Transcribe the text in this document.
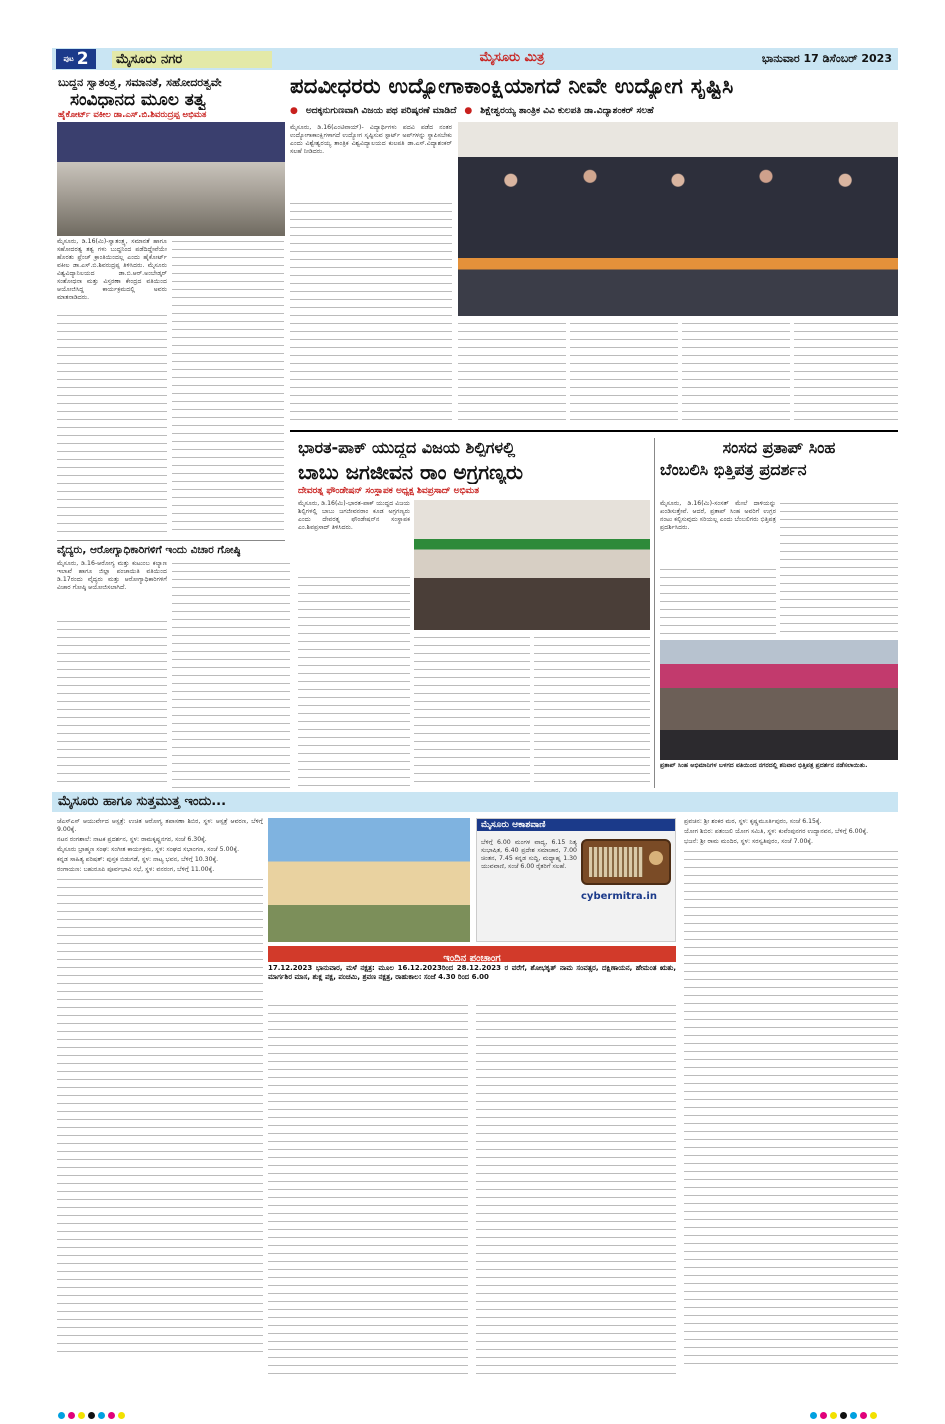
ಪುಟ 2	ಮೈಸೂರು ನಗರ	ಮೈಸೂರು ಮಿತ್ರ	ಭಾನುವಾರ 17 ಡಿಸೆಂಬರ್ 2023
ಬುದ್ಧನ ಸ್ವಾತಂತ್ರ್ಯ, ಸಮಾನತೆ, ಸಹೋದರತ್ವವೇ
ಸಂವಿಧಾನದ ಮೂಲ ತತ್ವ
ಹೈಕೋರ್ಟ್ ವಕೀಲ ಡಾ.ಎಸ್.ಬಿ.ಶಿವರುದ್ರಪ್ಪ ಅಭಿಮತ
ಮೈಸೂರು, ಡಿ.16(ಮಿ)-ಸ್ವಾತಂತ್ರ್ಯ, ಸಮಾನತೆ ಹಾಗೂ ಸಹೋದರತ್ವ ತತ್ವ ಗಳು ಬುದ್ಧನಿಂದ ಪಡೆದಿದ್ದೇವೆಯೇ ಹೊರತು ಫ್ರೆಂಚ್ ಕ್ರಾಂತಿಯಿಂದಲ್ಲ ಎಂದು ಹೈಕೋರ್ಟ್ ವಕೀಲ ಡಾ.ಎಸ್.ಬಿ.ಶಿವರುದ್ರಪ್ಪ ತಿಳಿಸಿದರು. ಮೈಸೂರು ವಿಶ್ವವಿದ್ಯಾನಿಲಯದ ಡಾ.ಬಿ.ಆರ್.ಅಂಬೇಡ್ಕರ್ ಸಂಶೋಧನಾ ಮತ್ತು ವಿಸ್ತರಣಾ ಕೇಂದ್ರದ ವತಿಯಿಂದ ಆಯೋಜಿಸಿದ್ದ ಕಾರ್ಯಕ್ರಮದಲ್ಲಿ ಅವರು ಮಾತನಾಡಿದರು.
ಪದವೀಧರರು ಉದ್ಯೋಗಾಕಾಂಕ್ಷಿಯಾಗದೆ ನೀವೇ ಉದ್ಯೋಗ ಸೃಷ್ಟಿಸಿ
● ಅದಕ್ಕನುಗುಣವಾಗಿ ವಿಜಯ ಪಥ ಪರಿಷ್ಕರಣೆ ಮಾಡಿದೆ ● ಶಿಕ್ಷೇಶ್ವರಯ್ಯ ತಾಂತ್ರಿಕ ವಿವಿ ಕುಲಪತಿ ಡಾ.ವಿದ್ಯಾಶಂಕರ್ ಸಲಹೆ
ಮೈಸೂರು, ಡಿ.16(ಎಂಟಿವಾಯ್)- ವಿದ್ಯಾರ್ಥಿಗಳು ಪದವಿ ಪಡೆದ ನಂತರ ಉದ್ಯೋಗಾಕಾಂಕ್ಷಿಗಳಾಗದೆ ಉದ್ಯೋಗ ಸೃಷ್ಟಿಸುವ ಸ್ಟಾರ್ಟ್ ಅಪ್‌ಗಳನ್ನು ಸ್ಥಾಪಿಸಬೇಕು ಎಂದು ವಿಶ್ವೇಶ್ವರಯ್ಯ ತಾಂತ್ರಿಕ ವಿಶ್ವವಿದ್ಯಾಲಯದ ಕುಲಪತಿ ಡಾ.ಎಸ್.ವಿದ್ಯಾಶಂಕರ್ ಸಲಹೆ ನೀಡಿದರು.
ಭಾರತ-ಪಾಕ್ ಯುದ್ಧದ ವಿಜಯ ಶಿಲ್ಪಿಗಳಲ್ಲಿ
ಬಾಬು ಜಗಜೀವನ ರಾಂ ಅಗ್ರಗಣ್ಯರು
ದೇವರತ್ನ ಫೌಂಡೇಷನ್ ಸಂಸ್ಥಾಪಕ ಅಧ್ಯಕ್ಷ ಶಿವಪ್ರಸಾದ್ ಅಭಿಮತ
ಮೈಸೂರು, ಡಿ.16(ಮಿ)-ಭಾರತ-ಪಾಕ್ ಯುದ್ಧದ ವಿಜಯ ಶಿಲ್ಪಿಗಳಲ್ಲಿ ಬಾಬು ಜಗಜೀವನರಾಂ ಕೂಡ ಅಗ್ರಗಣ್ಯರು ಎಂದು ದೇವರತ್ನ ಫೌಂಡೇಷನ್‌ನ ಸಂಸ್ಥಾಪಕ ಎಂ.ಶಿವಪ್ರಸಾದ್ ತಿಳಿಸಿದರು.
ಸಂಸದ ಪ್ರತಾಪ್ ಸಿಂಹ
ಬೆಂಬಲಿಸಿ ಭಿತ್ತಿಪತ್ರ ಪ್ರದರ್ಶನ
ಮೈಸೂರು, ಡಿ.16(ಮಿ)-ಸಂಸತ್ ಮೇಲೆ ದಾಳಿಯನ್ನು ಖಂಡಿಸುತ್ತೇವೆ. ಆದರೆ, ಪ್ರತಾಪ್ ಸಿಂಹ ಅವರಿಗೆ ಉಗ್ರರ ನಂಟು ಕಲ್ಪಿಸುವುದು ಸರಿಯಲ್ಲ ಎಂದು ಬೆಂಬಲಿಗರು ಭಿತ್ತಿಪತ್ರ ಪ್ರದರ್ಶಿಸಿದರು.
ಪ್ರತಾಪ್ ಸಿಂಹ ಅಭಿಮಾನಿಗಳ ಬಳಗದ ವತಿಯಿಂದ ನಗರದಲ್ಲಿ ಶನಿವಾರ ಭಿತ್ತಿಪತ್ರ ಪ್ರದರ್ಶನ ನಡೆಸಲಾಯಿತು.
ವೈದ್ಯರು, ಆರೋಗ್ಯಾಧಿಕಾರಿಗಳಿಗೆ ಇಂದು ವಿಚಾರ ಗೋಷ್ಠಿ
ಮೈಸೂರು, ಡಿ.16-ಆರೋಗ್ಯ ಮತ್ತು ಕುಟುಂಬ ಕಲ್ಯಾಣ ಇಲಾಖೆ ಹಾಗೂ ಜಿಲ್ಲಾ ಪಂಚಾಯಿತಿ ವತಿಯಿಂದ ಡಿ.17ರಂದು ವೈದ್ಯರು ಮತ್ತು ಆರೋಗ್ಯಾಧಿಕಾರಿಗಳಿಗೆ ವಿಚಾರ ಗೋಷ್ಠಿ ಆಯೋಜಿಸಲಾಗಿದೆ.
ಮೈಸೂರು ಹಾಗೂ ಸುತ್ತಮುತ್ತ ಇಂದು...
ಜೆಎಸ್‌ಎಸ್ ಆಯುರ್ವೇದ ಆಸ್ಪತ್ರೆ: ಉಚಿತ ಆರೋಗ್ಯ ತಪಾಸಣಾ ಶಿಬಿರ, ಸ್ಥಳ: ಆಸ್ಪತ್ರೆ ಆವರಣ, ಬೆಳಿಗ್ಗೆ 9.00ಕ್ಕೆ.
ನಟನ ರಂಗಶಾಲೆ: ನಾಟಕ ಪ್ರದರ್ಶನ, ಸ್ಥಳ: ರಾಮಕೃಷ್ಣನಗರ, ಸಂಜೆ 6.30ಕ್ಕೆ.
ಮೈಸೂರು ಬ್ರಾಹ್ಮಣ ಸಂಘ: ಸಂಗೀತ ಕಾರ್ಯಕ್ರಮ, ಸ್ಥಳ: ಸಂಘದ ಸಭಾಂಗಣ, ಸಂಜೆ 5.00ಕ್ಕೆ.
ಕನ್ನಡ ಸಾಹಿತ್ಯ ಪರಿಷತ್: ಪುಸ್ತಕ ಬಿಡುಗಡೆ, ಸ್ಥಳ: ನಾಟ್ಯ ಭವನ, ಬೆಳಿಗ್ಗೆ 10.30ಕ್ಕೆ.
ರಂಗಾಯಣ: ಬಹುರೂಪಿ ಪೂರ್ವಭಾವಿ ಸಭೆ, ಸ್ಥಳ: ವನರಂಗ, ಬೆಳಿಗ್ಗೆ 11.00ಕ್ಕೆ.
ಮೈಸೂರು ಆಕಾಶವಾಣಿ
ಬೆಳಿಗ್ಗೆ 6.00 ಮಂಗಳ ವಾದ್ಯ, 6.15 ನಿತ್ಯ ಸುಭಾಷಿತ, 6.40 ಪ್ರದೇಶ ಸಮಾಚಾರ, 7.00 ಚಿಂತನ, 7.45 ಕನ್ನಡ ಸುದ್ದಿ, ಮಧ್ಯಾಹ್ನ 1.30 ಯುವವಾಣಿ, ಸಂಜೆ 6.00 ರೈತರಿಗೆ ಸಲಹೆ.
cybermitra.in
ಇಂದಿನ ಪಂಚಾಂಗ
17.12.2023 ಭಾನುವಾರ, ಮಳೆ ನಕ್ಷತ್ರ: ಮೂಲ 16.12.2023ರಿಂದ 28.12.2023 ರ ವರೆಗೆ, ಶೋಭಕೃತ್ ನಾಮ ಸಂವತ್ಸರ, ದಕ್ಷಿಣಾಯನ, ಹೇಮಂತ ಋತು, ಮಾರ್ಗಶಿರ ಮಾಸ, ಶುಕ್ಲ ಪಕ್ಷ, ಪಂಚಮಿ, ಶ್ರವಣ ನಕ್ಷತ್ರ, ರಾಹುಕಾಲ: ಸಂಜೆ 4.30 ರಿಂದ 6.00
ಪ್ರವಚನ: ಶ್ರೀ ಶಂಕರ ಮಠ, ಸ್ಥಳ: ಕೃಷ್ಣಮೂರ್ತಿಪುರಂ, ಸಂಜೆ 6.15ಕ್ಕೆ.
ಯೋಗ ಶಿಬಿರ: ಪತಂಜಲಿ ಯೋಗ ಸಮಿತಿ, ಸ್ಥಳ: ಕುವೆಂಪುನಗರ ಉದ್ಯಾನವನ, ಬೆಳಿಗ್ಗೆ 6.00ಕ್ಕೆ.
ಭಜನೆ: ಶ್ರೀ ರಾಮ ಮಂದಿರ, ಸ್ಥಳ: ಸರಸ್ವತಿಪುರಂ, ಸಂಜೆ 7.00ಕ್ಕೆ.
